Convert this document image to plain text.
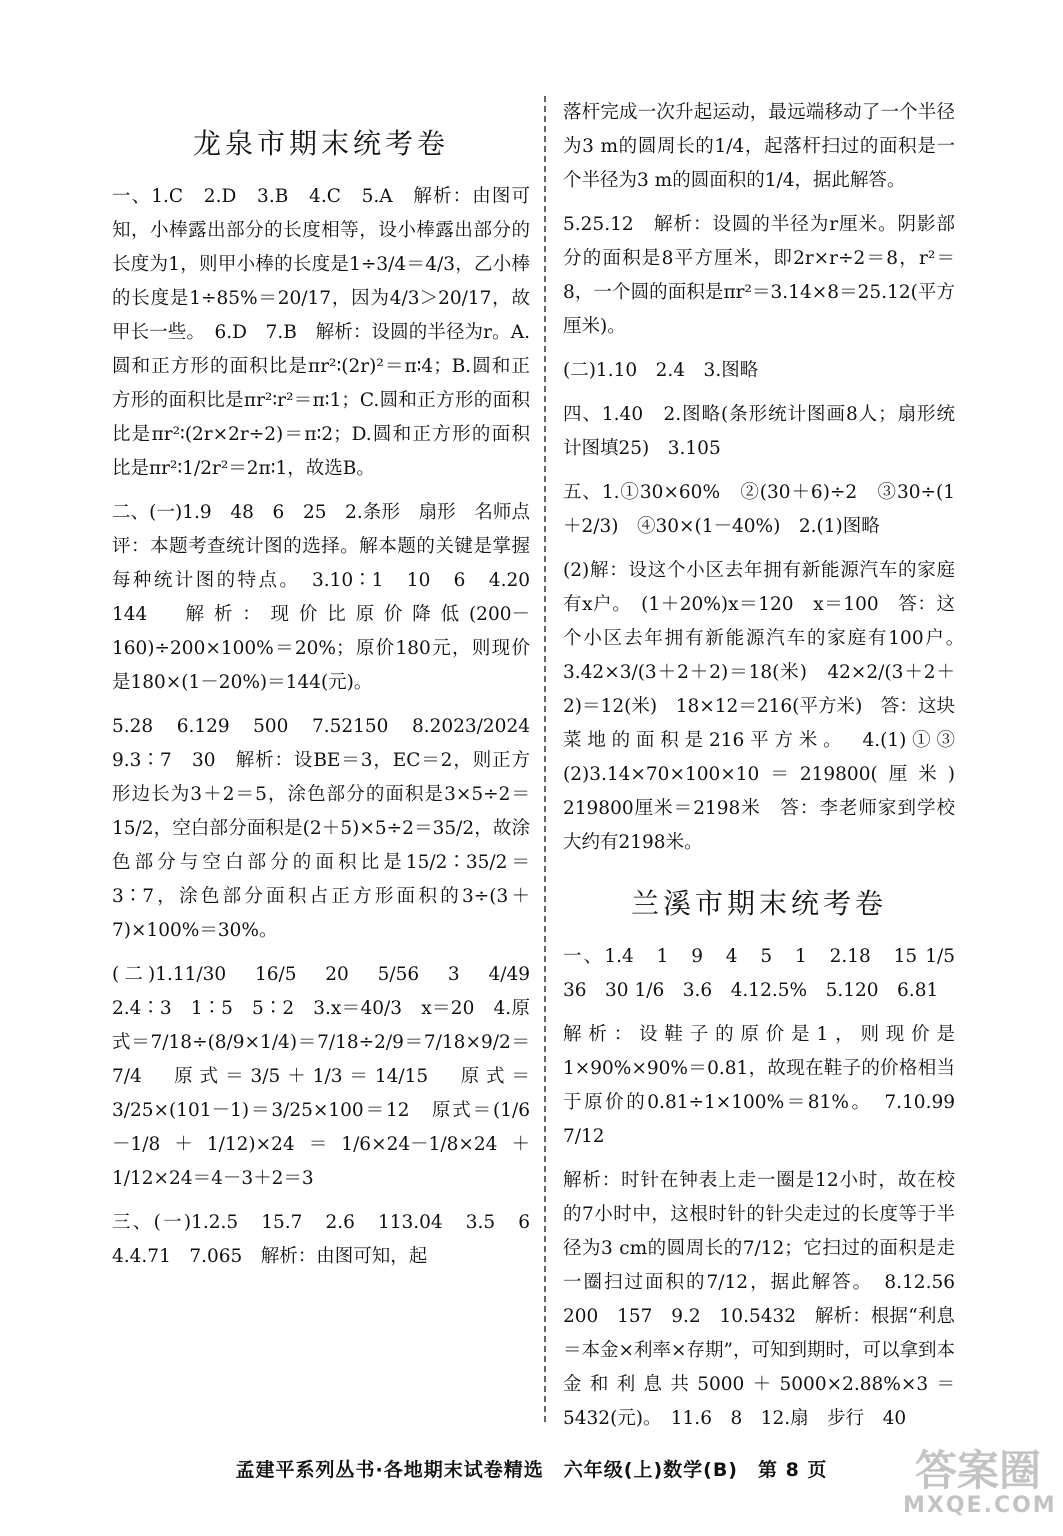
龙泉市期末统考卷

一、1.C　2.D　3.B　4.C　5.A　解析：由图可知，小棒露出部分的长度相等，设小棒露出部分的长度为1，则甲小棒的长度是1÷3/4＝4/3，乙小棒的长度是1÷85%＝20/17，因为4/3＞20/17，故甲长一些。　6.D　7.B　解析：设圆的半径为r。A.圆和正方形的面积比是πr²∶(2r)²＝π∶4；B.圆和正方形的面积比是πr²∶r²＝π∶1；C.圆和正方形的面积比是πr²∶(2r×2r÷2)＝π∶2；D.圆和正方形的面积比是πr²∶1/2r²＝2π∶1，故选B。

二、(一)1.9　48　6　25　2.条形　扇形　名师点评：本题考查统计图的选择。解本题的关键是掌握每种统计图的特点。　3.10∶1　10　6　4.20　144　解析：现价比原价降低(200－160)÷200×100%＝20%；原价180元，则现价是180×(1－20%)＝144(元)。

5.28　6.129　500　7.52150　8.2023/2024　9.3∶7　30　解析：设BE＝3，EC＝2，则正方形边长为3＋2＝5，涂色部分的面积是3×5÷2＝15/2，空白部分面积是(2＋5)×5÷2＝35/2，故涂色部分与空白部分的面积比是15/2∶35/2＝3∶7，涂色部分面积占正方形面积的3÷(3＋7)×100%＝30%。

(二)1.11/30　16/5　20　5/56　3　4/49　2.4∶3　1∶5　5∶2　3.x＝40/3　x＝20　4.原式＝7/18÷(8/9×1/4)＝7/18÷2/9＝7/18×9/2＝7/4　原式＝3/5＋1/3＝14/15　原式＝3/25×(101－1)＝3/25×100＝12　原式＝(1/6－1/8＋1/12)×24＝1/6×24－1/8×24＋1/12×24＝4－3＋2＝3

三、(一)1.2.5　15.7　2.6　113.04　3.5　6　4.4.71　7.065　解析：由图可知，起

落杆完成一次升起运动，最远端移动了一个半径为3 m的圆周长的1/4，起落杆扫过的面积是一个半径为3 m的圆面积的1/4，据此解答。

5.25.12　解析：设圆的半径为r厘米。阴影部分的面积是8平方厘米，即2r×r÷2＝8，r²＝8，一个圆的面积是πr²＝3.14×8＝25.12(平方厘米)。

(二)1.10　2.4　3.图略

四、1.40　2.图略(条形统计图画8人；扇形统计图填25)　3.105

五、1.①30×60%　②(30＋6)÷2　③30÷(1＋2/3)　④30×(1－40%)　2.(1)图略

(2)解：设这个小区去年拥有新能源汽车的家庭有x户。　(1＋20%)x＝120　x＝100　答：这个小区去年拥有新能源汽车的家庭有100户。　3.42×3/(3＋2＋2)＝18(米)　42×2/(3＋2＋2)＝12(米)　18×12＝216(平方米)　答：这块菜地的面积是216平方米。　4.(1)①③　(2)3.14×70×100×10＝219800(厘米)　219800厘米＝2198米　答：李老师家到学校大约有2198米。

兰溪市期末统考卷

一、1.4　1　9　4　5　1　2.18　15 1/5　36　30 1/6　3.6　4.12.5%　5.120　6.81

解析：设鞋子的原价是1，则现价是1×90%×90%＝0.81，故现在鞋子的价格相当于原价的0.81÷1×100%＝81%。　7.10.99　7/12

解析：时针在钟表上走一圈是12小时，故在校的7小时中，这根时针的针尖走过的长度等于半径为3 cm的圆周长的7/12；它扫过的面积是走一圈扫过面积的7/12，据此解答。　8.12.56　200　157　9.2　10.5432　解析：根据“利息＝本金×利率×存期”，可知到期时，可以拿到本金和利息共5000＋5000×2.88%×3＝5432(元)。　11.6　8　12.扇　步行　40

孟建平系列丛书·各地期末试卷精选　六年级(上)数学(B)　第 8 页	答案圈
MXQE.COM
